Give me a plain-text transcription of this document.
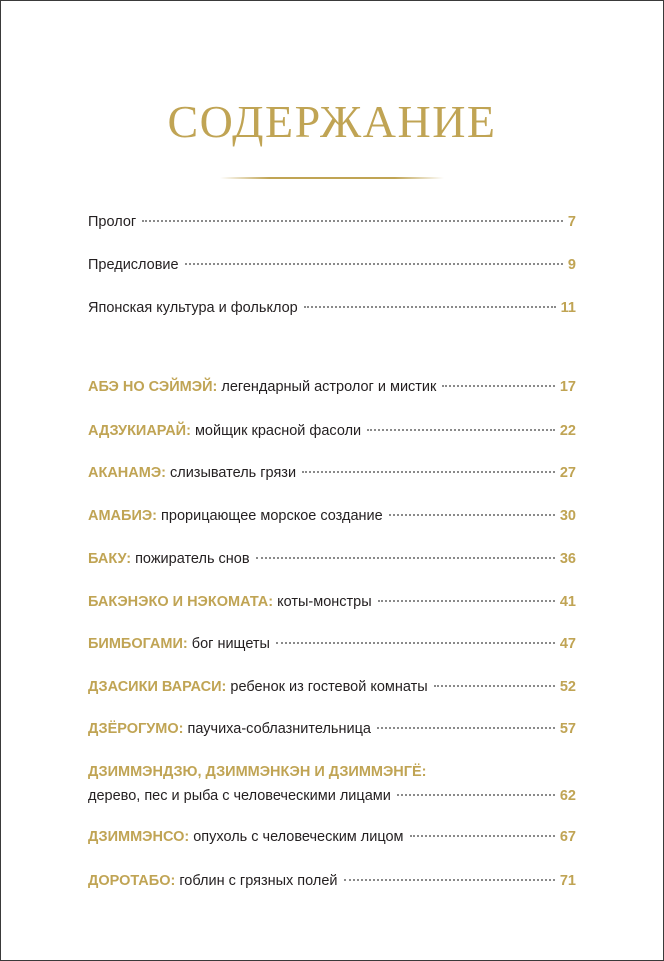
СОДЕРЖАНИЕ
Пролог	7
Предисловие	9
Японская культура и фольклор	11
АБЭ НО СЭЙМЭЙ: легендарный астролог и мистик	17
АДЗУКИАРАЙ: мойщик красной фасоли	22
АКАНАМЭ: слизыватель грязи	27
АМАБИЭ: прорицающее морское создание	30
БАКУ: пожиратель снов	36
БАКЭНЭКО И НЭКОМАТА: коты-монстры	41
БИМБОГАМИ: бог нищеты	47
ДЗАСИКИ ВАРАСИ: ребенок из гостевой комнаты	52
ДЗЁРОГУМО: паучиха-соблазнительница	57
ДЗИММЭНДЗЮ, ДЗИММЭНКЭН И ДЗИММЭНГЁ:
дерево, пес и рыба с человеческими лицами	62
ДЗИММЭНСО: опухоль с человеческим лицом	67
ДОРОТАБО: гоблин с грязных полей	71
